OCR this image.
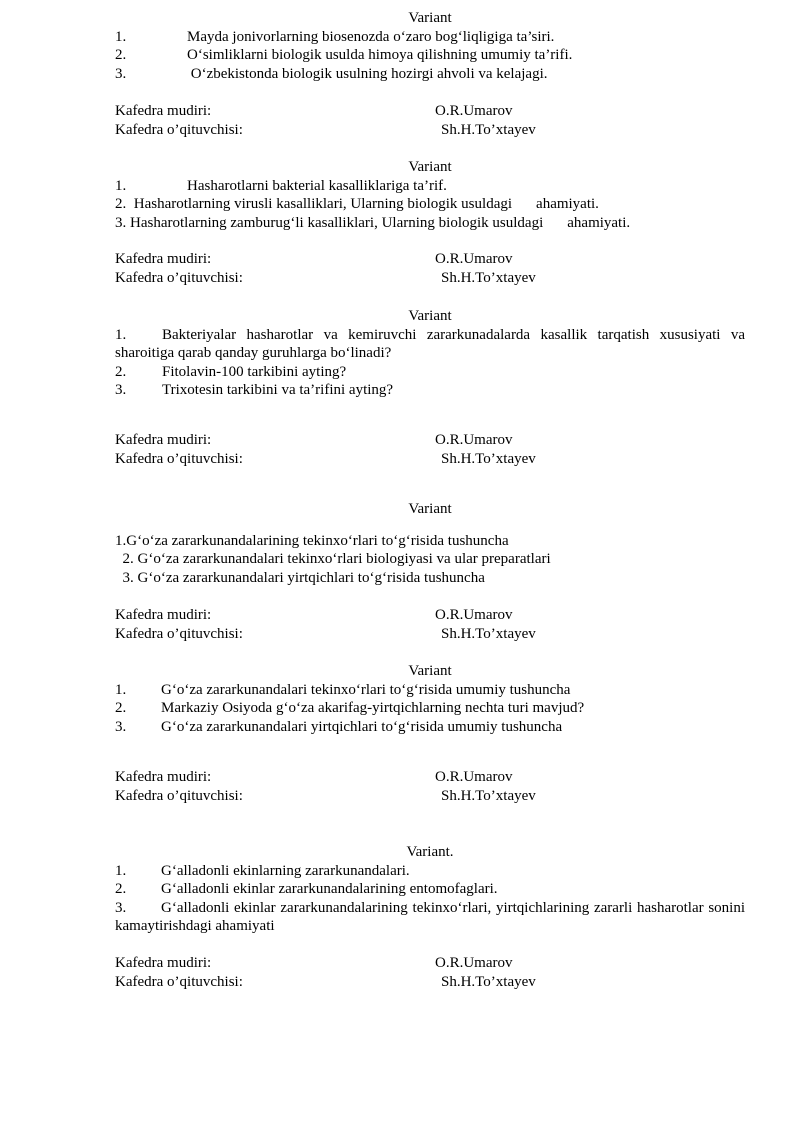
Variant
1.	Mayda jonivorlarning biosenozda o‘zaro bog‘liqligiga ta’siri.
2.	O‘simliklarni biologik usulda himoya qilishning umumiy ta’rifi.
3.	O‘zbekistonda biologik usulning hozirgi ahvoli va kelajagi.
Kafedra mudiri:	O.R.Umarov
Kafedra o’qituvchisi:	Sh.H.To’xtayev
Variant
1.	Hasharotlarni bakterial kasalliklariga ta’rif.
2.  Hasharotlarning virusli kasalliklari, Ularning biologik usuldagi ahamiyati.
3. Hasharotlarning zamburug‘li kasalliklari, Ularning biologik usuldagi ahamiyati.
Kafedra mudiri:	O.R.Umarov
Kafedra o’qituvchisi:	Sh.H.To’xtayev
Variant
1. Bakteriyalar hasharotlar va kemiruvchi zararkunadalarda kasallik tarqatish xususiyati va sharoitiga qarab qanday guruhlarga bo‘linadi?
2. Fitolavin-100 tarkibini ayting?
3. Trixotesin tarkibini va ta’rifini ayting?
Kafedra mudiri:	O.R.Umarov
Kafedra o’qituvchisi:	Sh.H.To’xtayev
Variant
1.G‘o‘za zararkunandalarining tekinxo‘rlari to‘g‘risida tushuncha
2. G‘o‘za zararkunandalari tekinxo‘rlari biologiyasi va ular preparatlari
3. G‘o‘za zararkunandalari yirtqichlari to‘g‘risida tushuncha
Kafedra mudiri:	O.R.Umarov
Kafedra o’qituvchisi:	Sh.H.To’xtayev
Variant
1. G‘o‘za zararkunandalari tekinxo‘rlari to‘g‘risida umumiy tushuncha
2. Markaziy Osiyoda g‘o‘za akarifag-yirtqichlarning nechta turi mavjud?
3. G‘o‘za zararkunandalari yirtqichlari to‘g‘risida umumiy tushuncha
Kafedra mudiri:	O.R.Umarov
Kafedra o’qituvchisi:	Sh.H.To’xtayev
Variant.
1. G‘alladonli ekinlarning zararkunandalari.
2. G‘alladonli ekinlar zararkunandalarining entomofaglari.
3. G‘alladonli ekinlar zararkunandalarining tekinxo‘rlari, yirtqichlarining zararli hasharotlar sonini kamaytirishdagi ahamiyati
Kafedra mudiri:	O.R.Umarov
Kafedra o’qituvchisi:	Sh.H.To’xtayev
